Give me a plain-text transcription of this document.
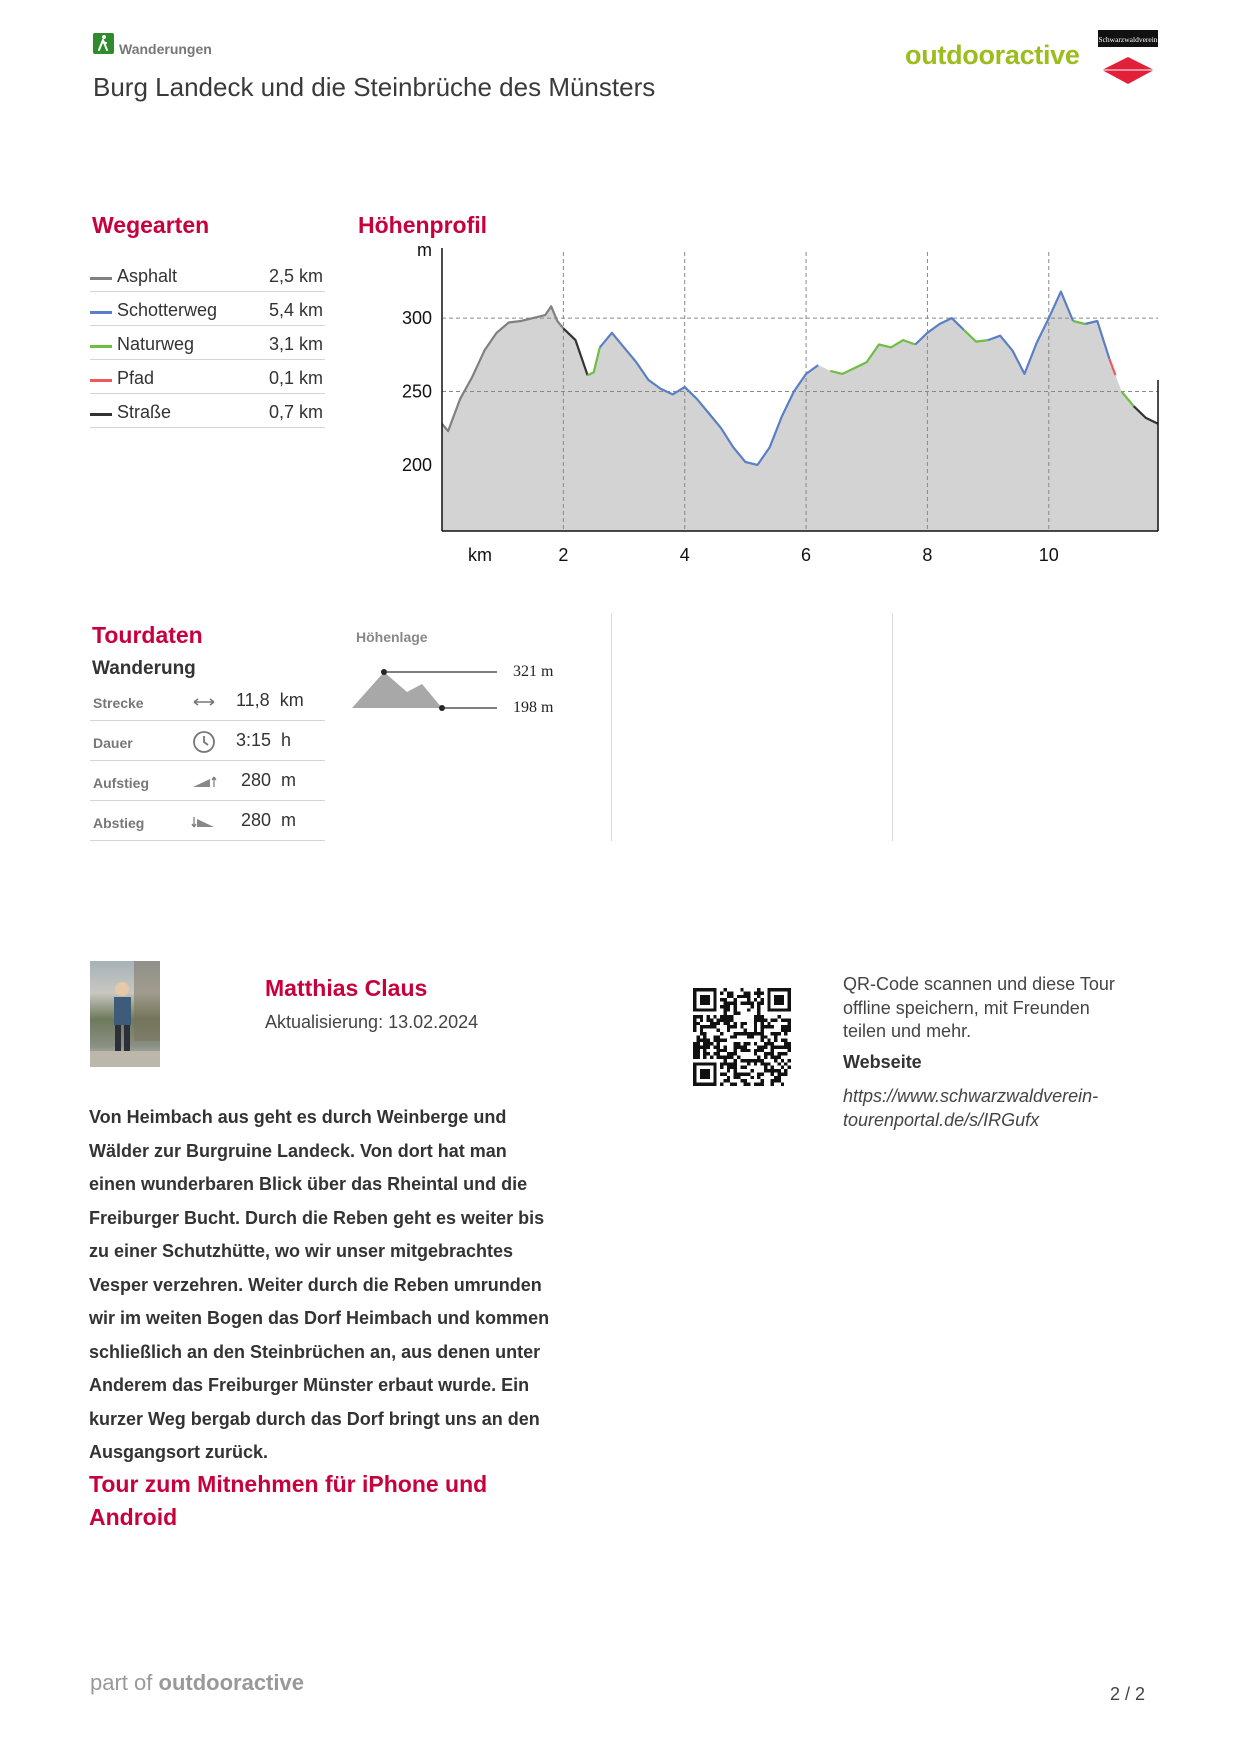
Wanderungen
Burg Landeck und die Steinbrüche des Münsters
outdooractive
Schwarzwaldverein
Wegearten
Asphalt	2,5 km
Schotterweg	5,4 km
Naturweg	3,1 km
Pfad	0,1 km
Straße	0,7 km
Höhenprofil
m
200
250
300
km	2	4	6	8	10
Tourdaten
Wanderung
Strecke	11,8 km
Dauer	3:15 h
Aufstieg	280 m
Abstieg	280 m
Höhenlage
321 m
198 m
Matthias Claus
Aktualisierung: 13.02.2024
Von Heimbach aus geht es durch Weinberge und
Wälder zur Burgruine Landeck. Von dort hat man
einen wunderbaren Blick über das Rheintal und die
Freiburger Bucht. Durch die Reben geht es weiter bis
zu einer Schutzhütte, wo wir unser mitgebrachtes
Vesper verzehren. Weiter durch die Reben umrunden
wir im weiten Bogen das Dorf Heimbach und kommen
schließlich an den Steinbrüchen an, aus denen unter
Anderem das Freiburger Münster erbaut wurde. Ein
kurzer Weg bergab durch das Dorf bringt uns an den
Ausgangsort zurück.
Tour zum Mitnehmen für iPhone und
Android
QR-Code scannen und diese Tour
offline speichern, mit Freunden
teilen und mehr.
Webseite
https://www.schwarzwaldverein-
tourenportal.de/s/IRGufx
part of outdooractive	2 / 2
